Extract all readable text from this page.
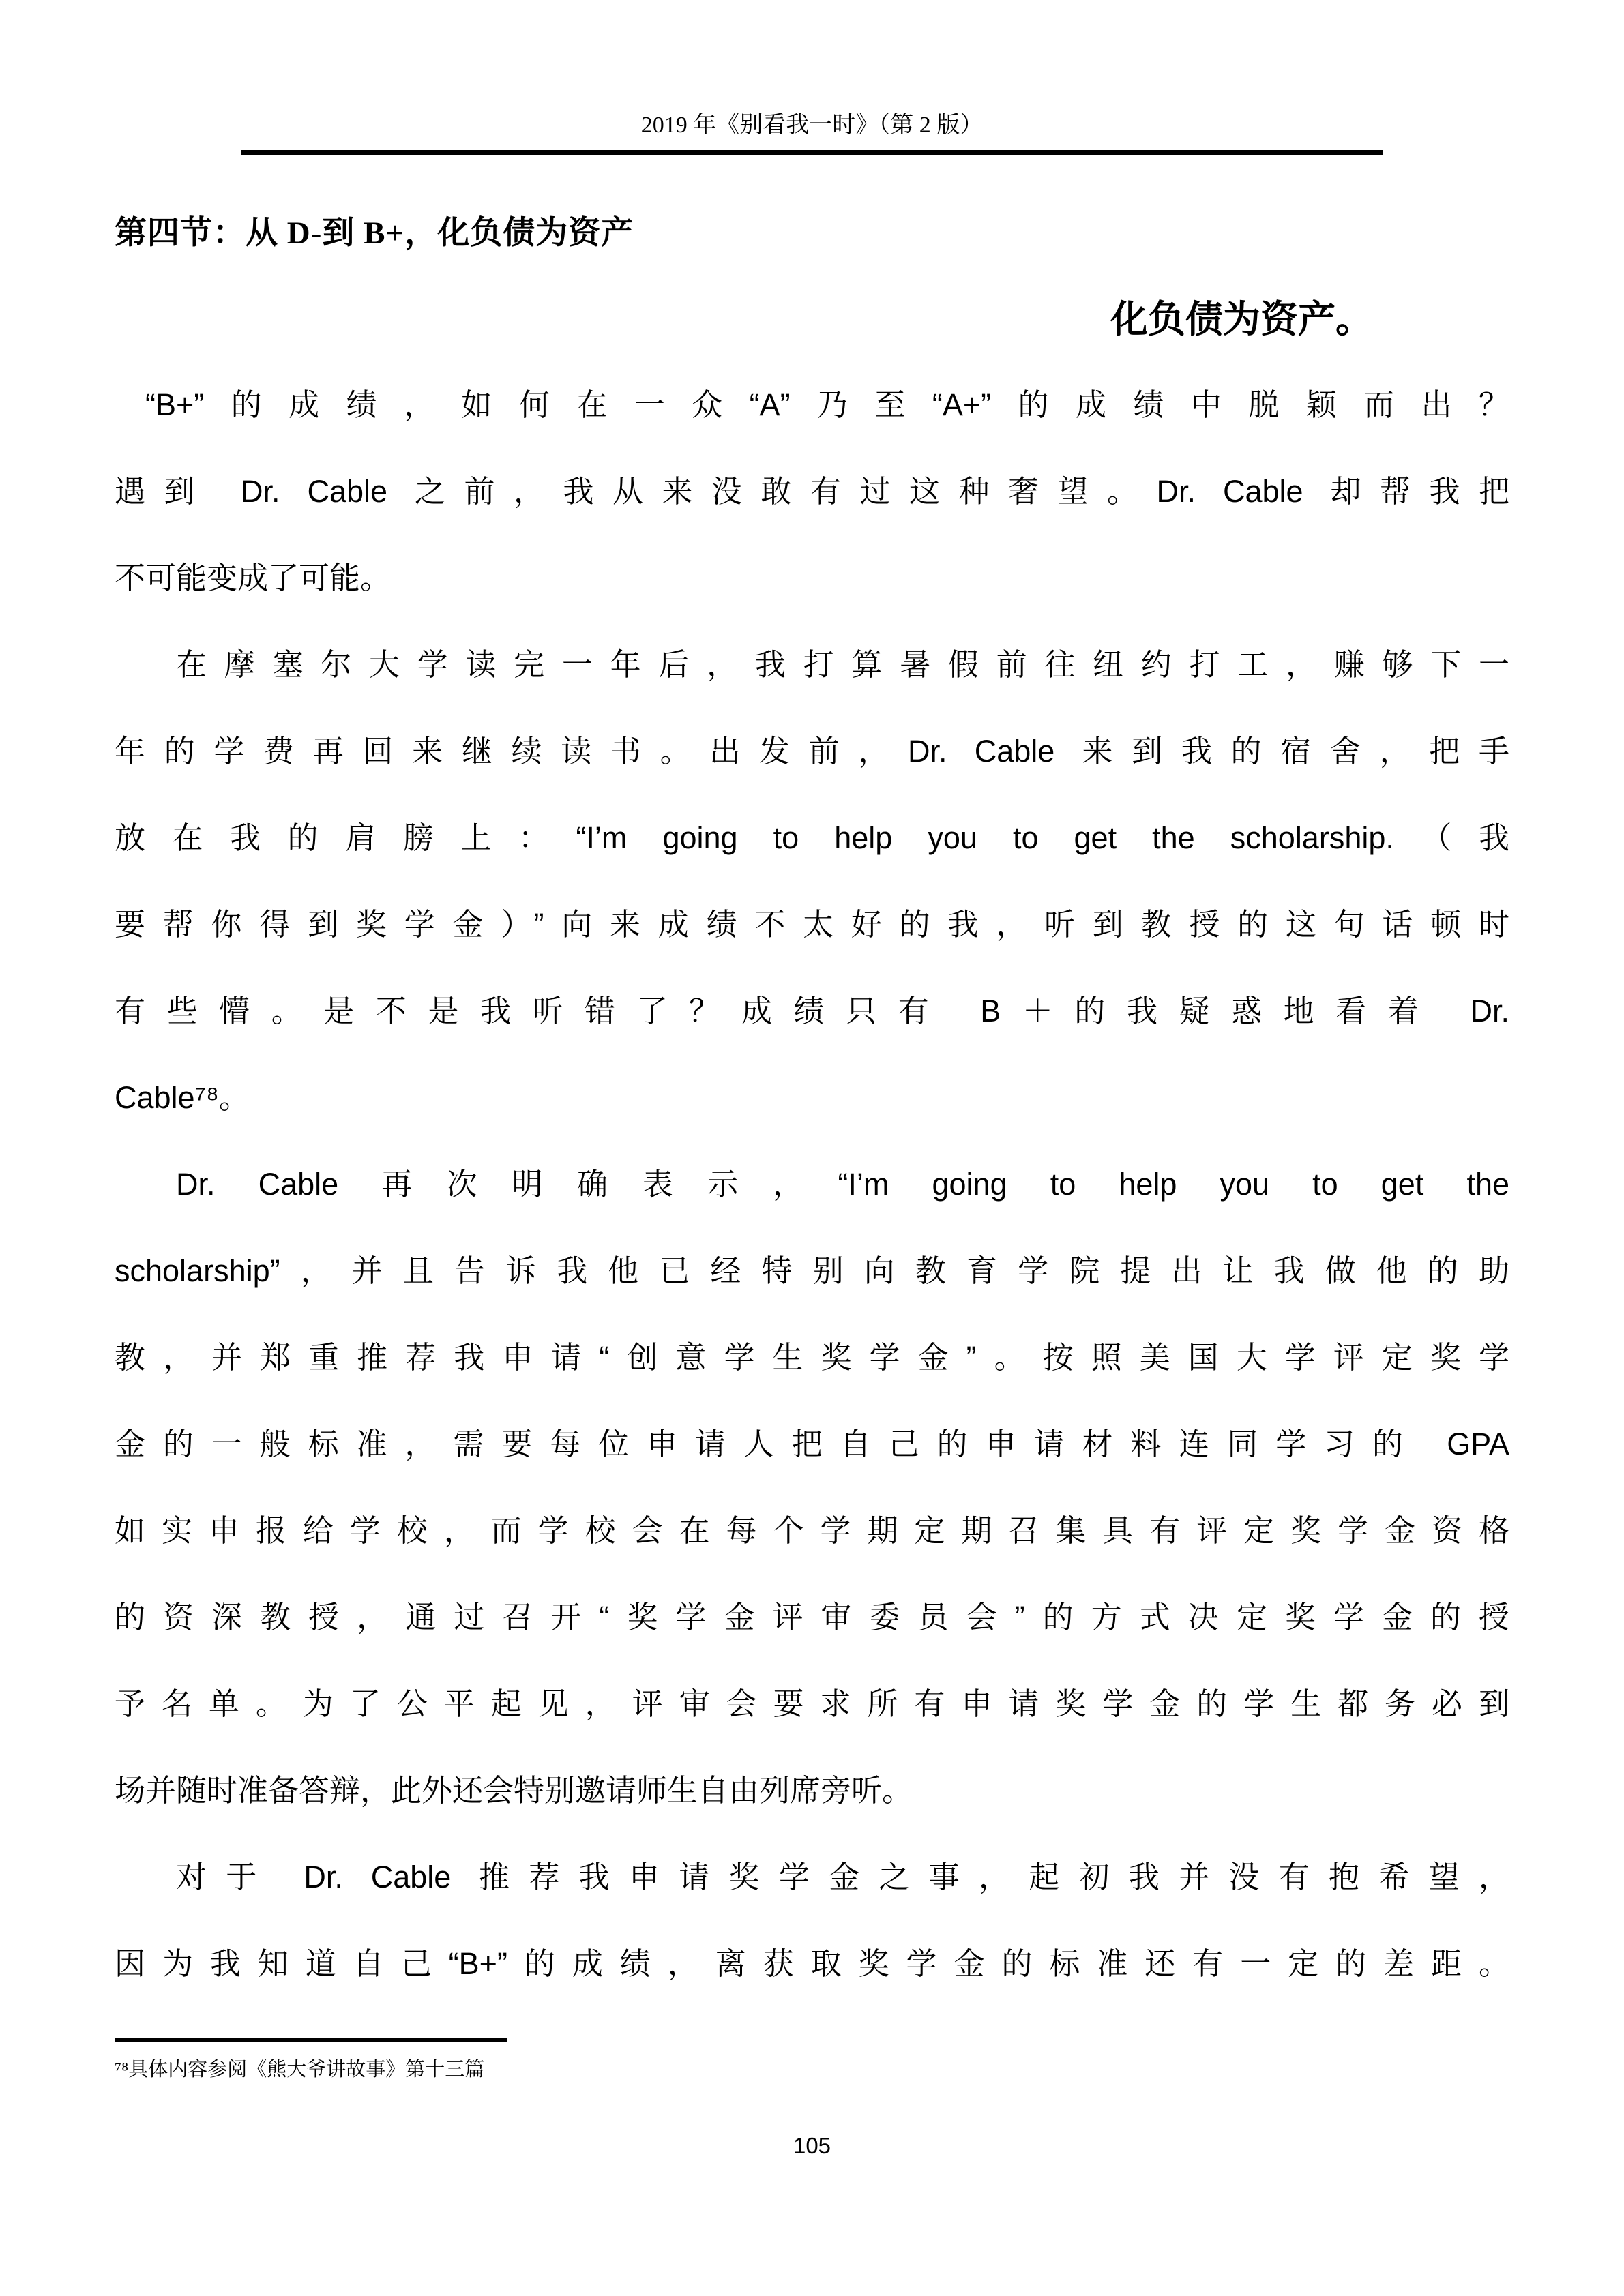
2019 年《别看我一时》（第 2 版）
第四节：从 D-到 B+，化负债为资产
化负债为资产。
“B+”的成绩，如何在一众“A”乃至“A+”的成绩中脱颖而出？
遇到 Dr. Cable 之前，我从来没敢有过这种奢望。Dr. Cable 却帮我把
不可能变成了可能。
在摩塞尔大学读完一年后，我打算暑假前往纽约打工，赚够下一
年的学费再回来继续读书。出发前，Dr. Cable 来到我的宿舍，把手
放在我的肩膀上：“I’m going to help you to get the scholarship.（我
要帮你得到奖学金）”向来成绩不太好的我，听到教授的这句话顿时
有些懵。是不是我听错了？成绩只有 B＋的我疑惑地看着 Dr.
Cable⁷⁸。
Dr. Cable 再次明确表示，“I’m going to help you to get the
scholarship”，并且告诉我他已经特别向教育学院提出让我做他的助
教，并郑重推荐我申请“创意学生奖学金”。按照美国大学评定奖学
金的一般标准，需要每位申请人把自己的申请材料连同学习的 GPA
如实申报给学校，而学校会在每个学期定期召集具有评定奖学金资格
的资深教授，通过召开“奖学金评审委员会”的方式决定奖学金的授
予名单。为了公平起见，评审会要求所有申请奖学金的学生都务必到
场并随时准备答辩，此外还会特别邀请师生自由列席旁听。
对于 Dr. Cable 推荐我申请奖学金之事，起初我并没有抱希望，
因为我知道自己“B+”的成绩，离获取奖学金的标准还有一定的差距。
⁷⁸具体内容参阅《熊大爷讲故事》第十三篇
105
